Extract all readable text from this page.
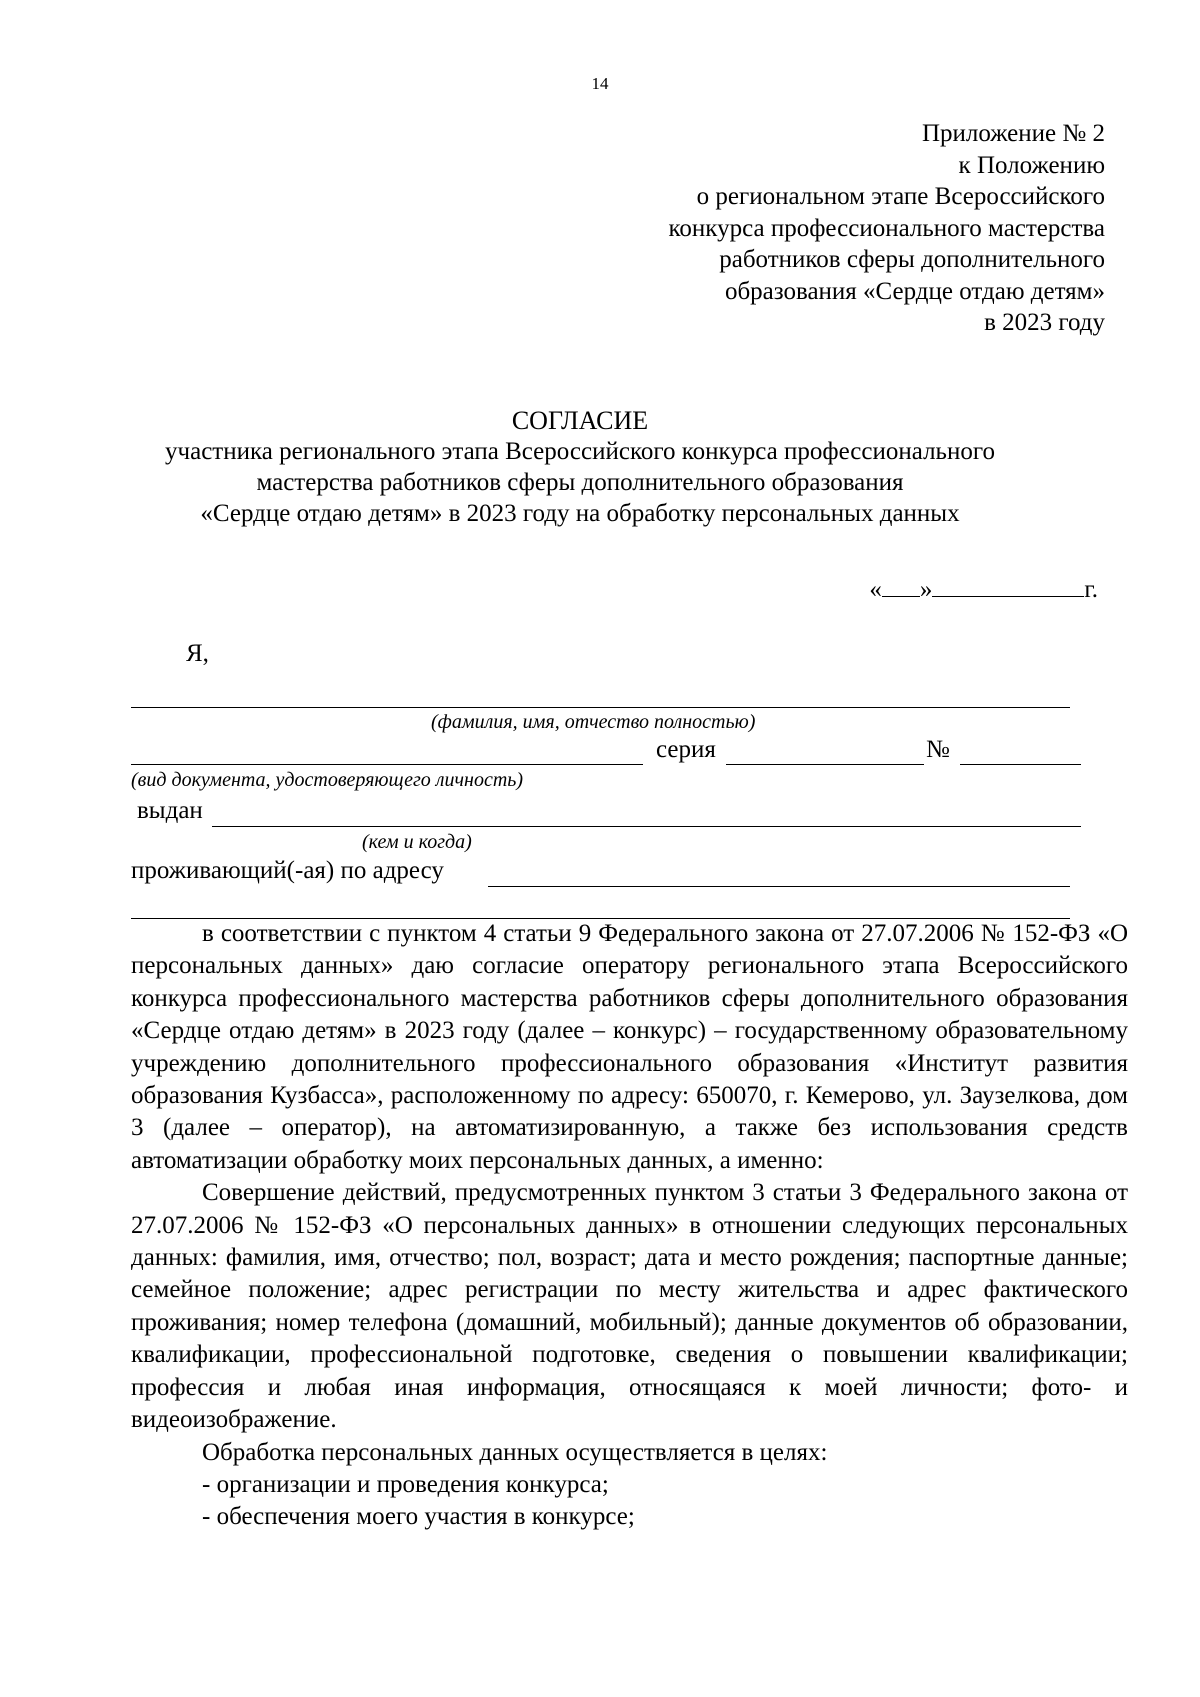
14
Приложение № 2
к Положению
о региональном этапе Всероссийского
конкурса профессионального мастерства
работников сферы дополнительного
образования «Сердце отдаю детям»
в 2023 году
СОГЛАСИЕ
участника регионального этапа Всероссийского конкурса профессионального
мастерства работников сферы дополнительного образования
«Сердце отдаю детям» в 2023 году на обработку персональных данных
« »	г.
Я,
(фамилия, имя, отчество полностью)
серия	№
(вид документа, удостоверяющего личность)
выдан
(кем и когда)
проживающий(-ая) по адресу

в соответствии с пунктом 4 статьи 9 Федерального закона от 27.07.2006 № 152-ФЗ «О персональных данных» даю согласие оператору регионального этапа Всероссийского конкурса профессионального мастерства работников сферы дополнительного образования «Сердце отдаю детям» в 2023 году (далее – конкурс) – государственному образовательному учреждению дополнительного профессионального образования «Институт развития образования Кузбасса», расположенному по адресу: 650070, г. Кемерово, ул. Заузелкова, дом 3 (далее – оператор), на автоматизированную, а также без использования средств автоматизации обработку моих персональных данных, а именно:

Совершение действий, предусмотренных пунктом 3 статьи 3 Федерального закона от 27.07.2006 № 152-ФЗ «О персональных данных» в отношении следующих персональных данных: фамилия, имя, отчество; пол, возраст; дата и место рождения; паспортные данные; семейное положение; адрес регистрации по месту жительства и адрес фактического проживания; номер телефона (домашний, мобильный); данные документов об образовании, квалификации, профессиональной подготовке, сведения о повышении квалификации; профессия и любая иная информация, относящаяся к моей личности; фото- и видеоизображение.

Обработка персональных данных осуществляется в целях:

- организации и проведения конкурса;

- обеспечения моего участия в конкурсе;
